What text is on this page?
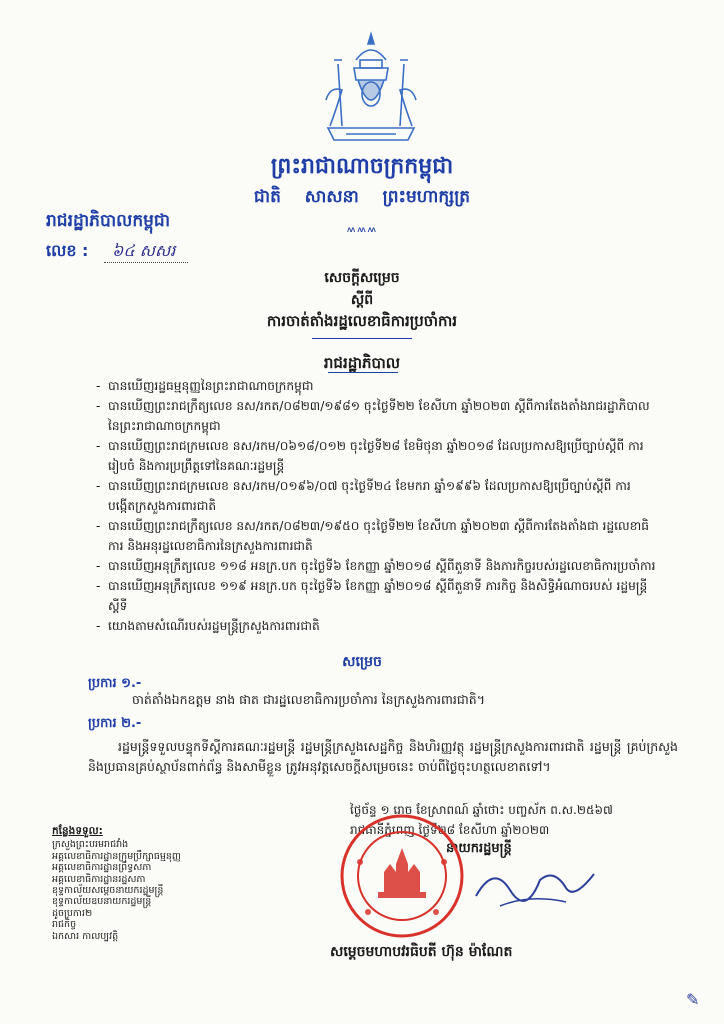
ព្រះរាជាណាចក្រកម្ពុជា
ជាតិ សាសនា ព្រះមហាក្សត្រ
៳៳៳
រាជរដ្ឋាភិបាលកម្ពុជា
លេខ : ៦៤ សសរ
សេចក្ដីសម្រេច
ស្ដីពី
ការចាត់តាំងរដ្ឋលេខាធិការប្រចាំការ
រាជរដ្ឋាភិបាល

- បានឃើញរដ្ឋធម្មនុញ្ញនៃព្រះរាជាណាចក្រកម្ពុជា

- បានឃើញព្រះរាជក្រឹត្យលេខ នស/រកត/០៨២៣/១៩៨១ ចុះថ្ងៃទី២២ ខែសីហា ឆ្នាំ២០២៣ ស្ដីពីការតែងតាំងរាជរដ្ឋាភិបាល នៃព្រះរាជាណាចក្រកម្ពុជា

- បានឃើញព្រះរាជក្រមលេខ នស/រកម/០៦១៨/០១២ ចុះថ្ងៃទី២៨ ខែមិថុនា ឆ្នាំ២០១៨ ដែលប្រកាសឱ្យប្រើច្បាប់ស្ដីពី ការរៀបចំ និងការប្រព្រឹត្តទៅនៃគណៈរដ្ឋមន្ត្រី

- បានឃើញព្រះរាជក្រមលេខ នស/រកម/០១៩៦/០៧ ចុះថ្ងៃទី២៤ ខែមករា ឆ្នាំ១៩៩៦ ដែលប្រកាសឱ្យប្រើច្បាប់ស្ដីពី ការបង្កើតក្រសួងការពារជាតិ

- បានឃើញព្រះរាជក្រឹត្យលេខ នស/រកត/០៨២៣/១៩៥០ ចុះថ្ងៃទី២២ ខែសីហា ឆ្នាំ២០២៣ ស្ដីពីការតែងតាំងជា រដ្ឋលេខាធិការ និងអនុរដ្ឋលេខាធិការនៃក្រសួងការពារជាតិ

- បានឃើញអនុក្រឹត្យលេខ ១១៨ អនក្រ.បក ចុះថ្ងៃទី៦ ខែកញ្ញា ឆ្នាំ២០១៨ ស្ដីពីតួនាទី និងភារកិច្ចរបស់រដ្ឋលេខាធិការប្រចាំការ

- បានឃើញអនុក្រឹត្យលេខ ១១៩ អនក្រ.បក ចុះថ្ងៃទី៦ ខែកញ្ញា ឆ្នាំ២០១៨ ស្ដីពីតួនាទី ភារកិច្ច និងសិទ្ធិអំណាចរបស់ រដ្ឋមន្ត្រីស្ដីទី

- យោងតាមសំណើរបស់រដ្ឋមន្ត្រីក្រសួងការពារជាតិ

សម្រេច
ប្រការ ១.-
ចាត់តាំងឯកឧត្តម នាង ផាត ជារដ្ឋលេខាធិការប្រចាំការ នៃក្រសួងការពារជាតិ។
ប្រការ ២.-
រដ្ឋមន្ត្រីទទួលបន្ទុកទីស្ដីការគណៈរដ្ឋមន្ត្រី រដ្ឋមន្ត្រីក្រសួងសេដ្ឋកិច្ច និងហិរញ្ញវត្ថុ រដ្ឋមន្ត្រីក្រសួងការពារជាតិ រដ្ឋមន្ត្រី គ្រប់ក្រសួង និងប្រធានគ្រប់ស្ថាប័នពាក់ព័ន្ធ និងសាមីខ្លួន ត្រូវអនុវត្តសេចក្ដីសម្រេចនេះ ចាប់ពីថ្ងៃចុះហត្ថលេខាតទៅ។
ថ្ងៃច័ន្ទ ១ រោច ខែស្រាពណ៍ ឆ្នាំថោះ បញ្ចស័ក ព.ស.២៥៦៧
រាជធានីភ្នំពេញ ថ្ងៃទី២៨ ខែសីហា ឆ្នាំ២០២៣
នាយករដ្ឋមន្ត្រី
សម្ដេចមហាបវរធិបតី ហ៊ុន ម៉ាណែត
កន្លែងទទួល:
ក្រសួងព្រះបរមរាជវាំង
អគ្គលេខាធិការដ្ឋានក្រុមប្រឹក្សាធម្មនុញ្ញ
អគ្គលេខាធិការដ្ឋានព្រឹទ្ធសភា
អគ្គលេខាធិការដ្ឋានរដ្ឋសភា
ខុទ្ទកាល័យសម្ដេចនាយករដ្ឋមន្ត្រី
ខុទ្ទកាល័យឧបនាយករដ្ឋមន្ត្រី
ដូចប្រការ២
រាជកិច្ច
ឯកសារ កាលប្បវត្តិ
✎
